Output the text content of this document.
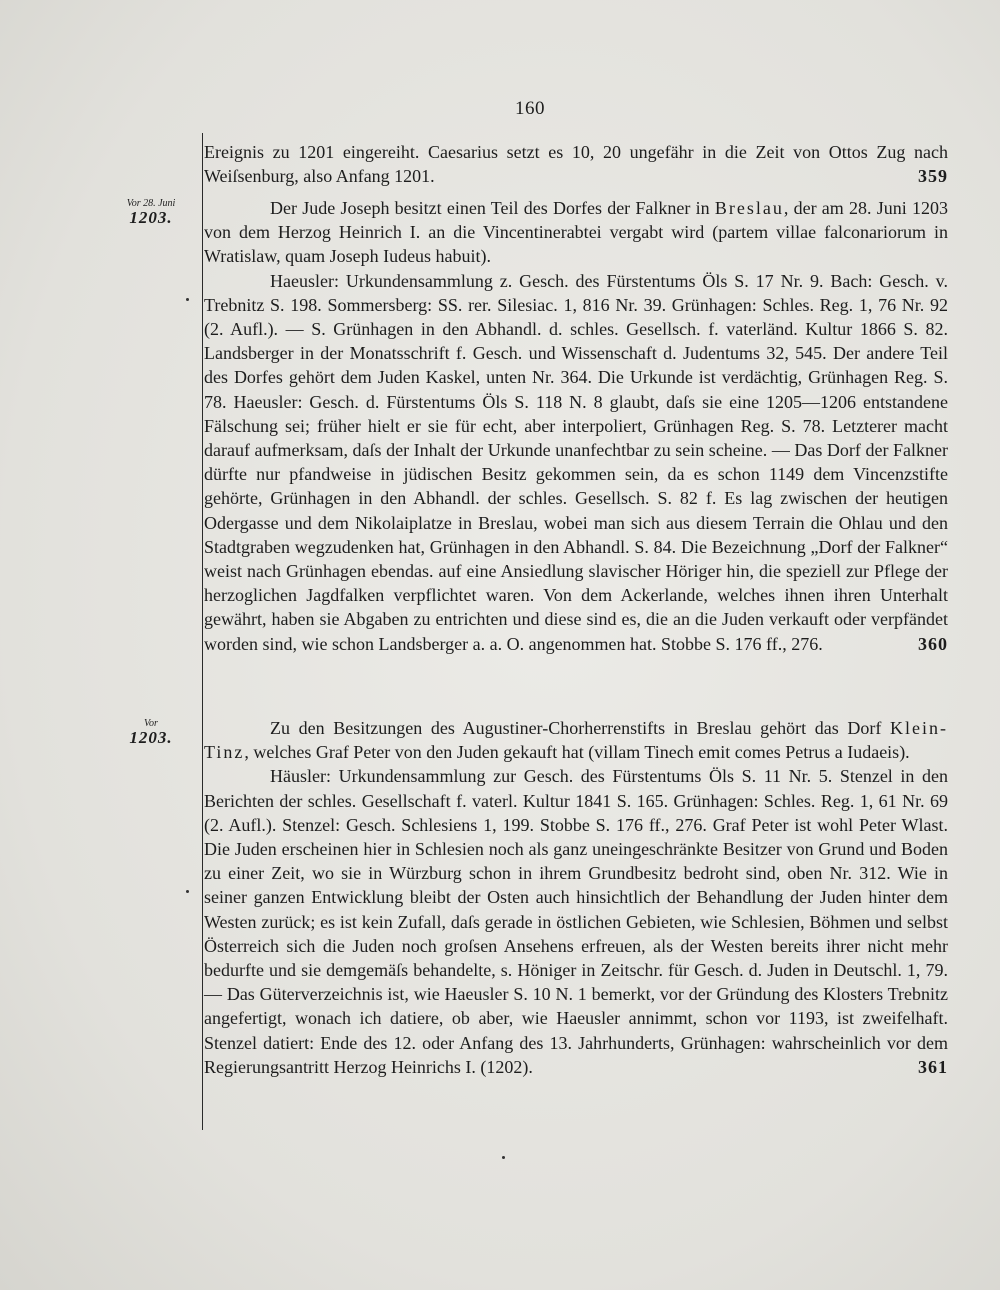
160
Vor 28. Juni
1203.
Vor
1203.

Ereignis zu 1201 eingereiht. Caesarius setzt es 10, 20 ungefähr in die Zeit von Ottos Zug nach Weiſsenburg, also Anfang 1201.	359

Der Jude Joseph besitzt einen Teil des Dorfes der Falkner in Breslau, der am 28. Juni 1203 von dem Herzog Heinrich I. an die Vincentinerabtei vergabt wird (partem villae falconariorum in Wratislaw, quam Joseph Iudeus habuit).

Haeusler: Urkundensammlung z. Gesch. des Fürstentums Öls S. 17 Nr. 9. Bach: Gesch. v. Trebnitz S. 198. Sommersberg: SS. rer. Silesiac. 1, 816 Nr. 39. Grünhagen: Schles. Reg. 1, 76 Nr. 92 (2. Aufl.). — S. Grünhagen in den Abhandl. d. schles. Gesellsch. f. vaterländ. Kultur 1866 S. 82. Landsberger in der Monatsschrift f. Gesch. und Wissenschaft d. Judentums 32, 545. Der andere Teil des Dorfes gehört dem Juden Kaskel, unten Nr. 364. Die Urkunde ist verdächtig, Grünhagen Reg. S. 78. Haeusler: Gesch. d. Fürstentums Öls S. 118 N. 8 glaubt, daſs sie eine 1205—1206 entstandene Fälschung sei; früher hielt er sie für echt, aber interpoliert, Grünhagen Reg. S. 78. Letzterer macht darauf aufmerksam, daſs der Inhalt der Urkunde unanfechtbar zu sein scheine. — Das Dorf der Falkner dürfte nur pfandweise in jüdischen Besitz gekommen sein, da es schon 1149 dem Vincenzstifte gehörte, Grünhagen in den Abhandl. der schles. Gesellsch. S. 82 f. Es lag zwischen der heutigen Odergasse und dem Nikolaiplatze in Breslau, wobei man sich aus diesem Terrain die Ohlau und den Stadtgraben wegzudenken hat, Grünhagen in den Abhandl. S. 84. Die Bezeichnung „Dorf der Falkner“ weist nach Grünhagen ebendas. auf eine Ansiedlung slavischer Höriger hin, die speziell zur Pflege der herzoglichen Jagdfalken verpflichtet waren. Von dem Ackerlande, welches ihnen ihren Unterhalt gewährt, haben sie Abgaben zu entrichten und diese sind es, die an die Juden verkauft oder verpfändet worden sind, wie schon Landsberger a. a. O. angenommen hat. Stobbe S. 176 ff., 276.	360

Zu den Besitzungen des Augustiner-Chorherrenstifts in Breslau gehört das Dorf Klein-Tinz, welches Graf Peter von den Juden gekauft hat (villam Tinech emit comes Petrus a Iudaeis).

Häusler: Urkundensammlung zur Gesch. des Fürstentums Öls S. 11 Nr. 5. Stenzel in den Berichten der schles. Gesellschaft f. vaterl. Kultur 1841 S. 165. Grünhagen: Schles. Reg. 1, 61 Nr. 69 (2. Aufl.). Stenzel: Gesch. Schlesiens 1, 199. Stobbe S. 176 ff., 276. Graf Peter ist wohl Peter Wlast. Die Juden erscheinen hier in Schlesien noch als ganz uneingeschränkte Besitzer von Grund und Boden zu einer Zeit, wo sie in Würzburg schon in ihrem Grundbesitz bedroht sind, oben Nr. 312. Wie in seiner ganzen Entwicklung bleibt der Osten auch hinsichtlich der Behandlung der Juden hinter dem Westen zurück; es ist kein Zufall, daſs gerade in östlichen Gebieten, wie Schlesien, Böhmen und selbst Österreich sich die Juden noch groſsen Ansehens erfreuen, als der Westen bereits ihrer nicht mehr bedurfte und sie demgemäſs behandelte, s. Höniger in Zeitschr. für Gesch. d. Juden in Deutschl. 1, 79. — Das Güterverzeichnis ist, wie Haeusler S. 10 N. 1 bemerkt, vor der Gründung des Klosters Trebnitz angefertigt, wonach ich datiere, ob aber, wie Haeusler annimmt, schon vor 1193, ist zweifelhaft. Stenzel datiert: Ende des 12. oder Anfang des 13. Jahrhunderts, Grünhagen: wahrscheinlich vor dem Regierungsantritt Herzog Heinrichs I. (1202).	361
